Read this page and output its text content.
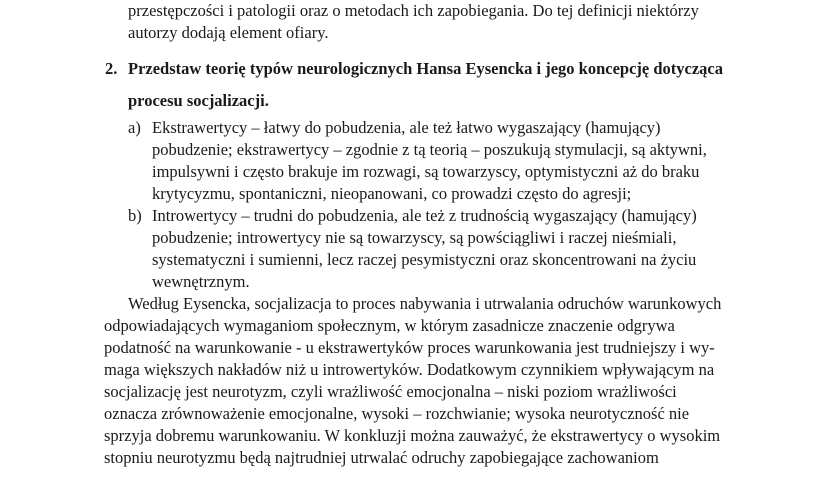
przestępczości i patologii oraz o metodach ich zapobiegania. Do tej definicji niektórzy
autorzy dodają element ofiary.
2. Przedstaw teorię typów neurologicznych Hansa Eysencka i jego koncepcję dotycząca
procesu socjalizacji.
a) Ekstrawertycy – łatwy do pobudzenia, ale też łatwo wygaszający (hamujący)
pobudzenie; ekstrawertycy – zgodnie z tą teorią – poszukują stymulacji, są aktywni,
impulsywni i często brakuje im rozwagi, są towarzyscy, optymistyczni aż do braku
krytycyzmu, spontaniczni, nieopanowani, co prowadzi często do agresji;
b) Introwertycy – trudni do pobudzenia, ale też z trudnością wygaszający (hamujący)
pobudzenie; introwertycy nie są towarzyscy, są powściągliwi i raczej nieśmiali,
systematyczni i sumienni, lecz raczej pesymistyczni oraz skoncentrowani na życiu
wewnętrznym.
Według Eysencka, socjalizacja to proces nabywania i utrwalania odruchów warunkowych
odpowiadających wymaganiom społecznym, w którym zasadnicze znaczenie odgrywa
podatność na warunkowanie - u ekstrawertyków proces warunkowania jest trudniejszy i wy-
maga większych nakładów niż u introwertyków. Dodatkowym czynnikiem wpływającym na
socjalizację jest neurotyzm, czyli wrażliwość emocjonalna – niski poziom wrażliwości
oznacza zrównoważenie emocjonalne, wysoki – rozchwianie; wysoka neurotyczność nie
sprzyja dobremu warunkowaniu. W konkluzji można zauważyć, że ekstrawertycy o wysokim
stopniu neurotyzmu będą najtrudniej utrwalać odruchy zapobiegające zachowaniom
